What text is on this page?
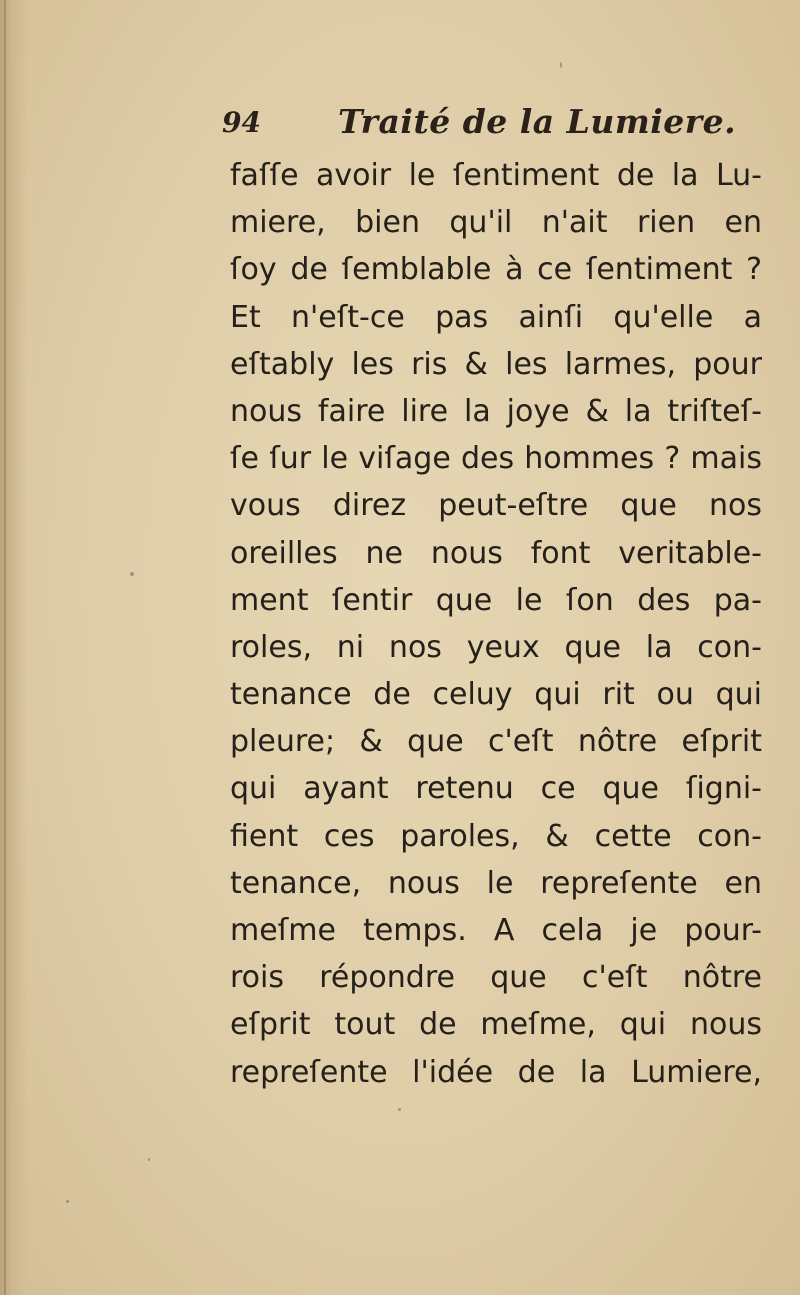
94 Traité de la Lumiere.
faſſe avoir le ſentiment de la Lu-
miere, bien qu'il n'ait rien en
ſoy de ſemblable à ce ſentiment ?
Et n'eſt-ce pas ainſi qu'elle a
eſtably les ris & les larmes, pour
nous faire lire la joye & la triſteſ-
ſe ſur le viſage des hommes ? mais
vous direz peut-eſtre que nos
oreilles ne nous font veritable-
ment ſentir que le ſon des pa-
roles, ni nos yeux que la con-
tenance de celuy qui rit ou qui
pleure; & que c'eſt nôtre eſprit
qui ayant retenu ce que ſigni-
fient ces paroles, & cette con-
tenance, nous le repreſente en
meſme temps. A cela je pour-
rois répondre que c'eſt nôtre
eſprit tout de meſme, qui nous
repreſente l'idée de la Lumiere,
